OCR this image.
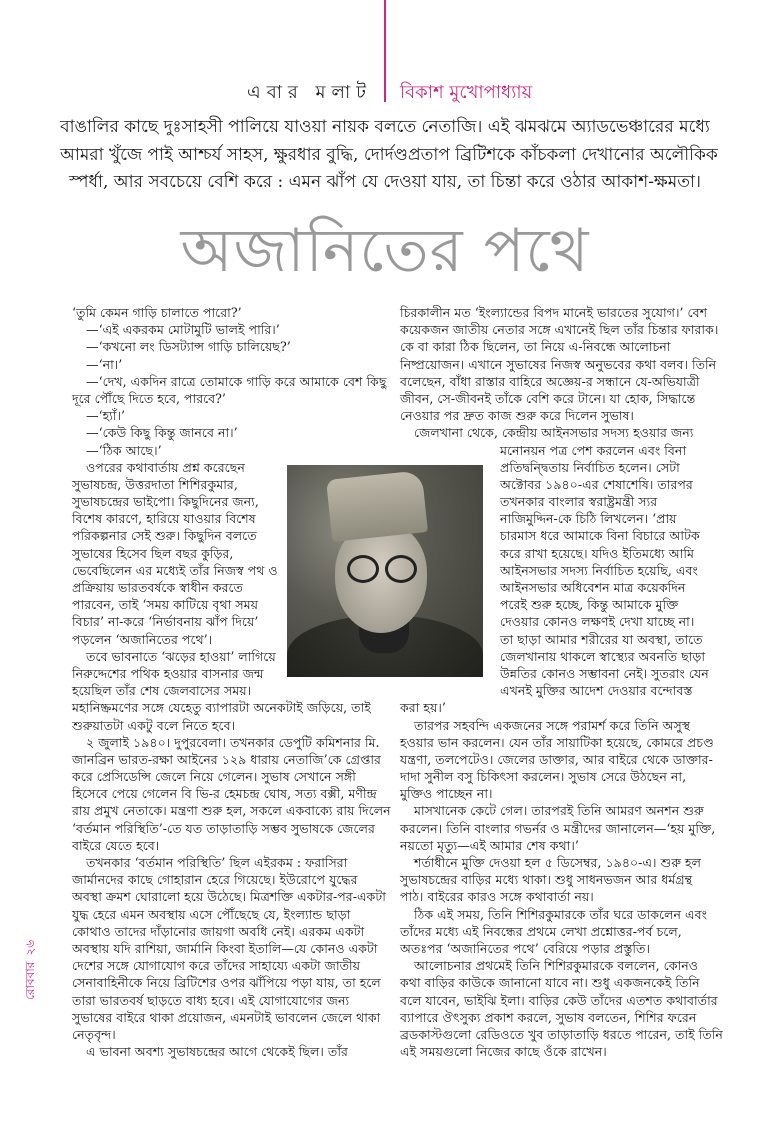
এবার মলাট বিকাশ মুখোপাধ্যায়
বাঙালির কাছে দুঃসাহসী পালিয়ে যাওয়া নায়ক বলতে নেতাজি। এই ঝমঝমে অ্যাডভেঞ্চারের মধ্যে
আমরা খুঁজে পাই আশ্চর্য সাহস, ক্ষুরধার বুদ্ধি, দোর্দণ্ডপ্রতাপ ব্রিটিশকে কাঁচকলা দেখানোর অলৌকিক
স্পর্ধা, আর সবচেয়ে বেশি করে : এমন ঝাঁপ যে দেওয়া যায়, তা চিন্তা করে ওঠার আকাশ-ক্ষমতা।
অজানিতের পথে
‘তুমি কেমন গাড়ি চালাতে পারো?’
—‘এই একরকম মোটামুটি ভালই পারি।’
—‘কখনো লং ডিসট্যান্স গাড়ি চালিয়েছ?’
—‘না।’
—‘দেখ, একদিন রাত্রে তোমাকে গাড়ি করে আমাকে বেশ কিছু
দূরে পৌঁছে দিতে হবে, পারবে?’
—‘হ্যাঁ।’
—‘কেউ কিছু কিন্তু জানবে না।’
—‘ঠিক আছে।’
ওপরের কথাবার্তায় প্রশ্ন করেছেন
সুভাষচন্দ্র, উত্তরদাতা শিশিরকুমার,
সুভাষচন্দ্রের ভাইপো। কিছুদিনের জন্য,
বিশেষ কারণে, হারিয়ে যাওয়ার বিশেষ
পরিকল্পনার সেই শুরু। কিছুদিন বলতে
সুভাষের হিসেব ছিল বছর কুড়ির,
ভেবেছিলেন এর মধ্যেই তাঁর নিজস্ব পথ ও
প্রক্রিয়ায় ভারতবর্ষকে স্বাধীন করতে
পারবেন, তাই ‘সময় কাটিয়ে বৃথা সময়
বিচার’ না-করে ‘নির্ভাবনায় ঝাঁপ দিয়ে’
পড়লেন ‘অজানিতের পথে’।
তবে ভাবনাতে ‘ঝড়ের হাওয়া’ লাগিয়ে
নিরুদ্দেশের পথিক হওয়ার বাসনার জন্ম
হয়েছিল তাঁর শেষ জেলবাসের সময়।
মহানিষ্ক্রমণের সঙ্গে যেহেতু ব্যাপারটা অনেকটাই জড়িয়ে, তাই
শুরুয়াতটা একটু বলে নিতে হবে।
২ জুলাই ১৯৪০। দুপুরবেলা। তখনকার ডেপুটি কমিশনার মি.
জানব্রিন ভারত-রক্ষা আইনের ১২৯ ধারায় নেতাজি’কে গ্রেপ্তার
করে প্রেসিডেন্সি জেলে নিয়ে গেলেন। সুভাষ সেখানে সঙ্গী
হিসেবে পেয়ে গেলেন বি ভি-র হেমচন্দ্র ঘোষ, সত্য বক্সী, মণীন্দ্র
রায় প্রমুখ নেতাকে। মন্ত্রণা শুরু হল, সকলে একবাক্যে রায় দিলেন
‘বর্তমান পরিস্থিতি’-তে যত তাড়াতাড়ি সম্ভব সুভাষকে জেলের
বাইরে যেতে হবে।
তখনকার ‘বর্তমান পরিস্থিতি’ ছিল এইরকম : ফরাসিরা
জার্মানদের কাছে গোহারান হেরে গিয়েছে। ইউরোপে যুদ্ধের
অবস্থা ক্রমশ ঘোরালো হয়ে উঠেছে। মিত্রশক্তি একটার-পর-একটা
যুদ্ধ হেরে এমন অবস্থায় এসে পৌঁছেছে যে, ইংল্যান্ড ছাড়া
কোথাও তাদের দাঁড়ানোর জায়গা অবধি নেই। এরকম একটা
অবস্থায় যদি রাশিয়া, জার্মানি কিংবা ইতালি—যে কোনও একটা
দেশের সঙ্গে যোগাযোগ করে তাঁদের সাহায্যে একটা জাতীয়
সেনাবাহিনীকে নিয়ে ব্রিটিশের ওপর ঝাঁপিয়ে পড়া যায়, তা হলে
তারা ভারতবর্ষ ছাড়তে বাধ্য হবে। এই যোগাযোগের জন্য
সুভাষের বাইরে থাকা প্রয়োজন, এমনটাই ভাবলেন জেলে থাকা
নেতৃবৃন্দ।
এ ভাবনা অবশ্য সুভাষচন্দ্রের আগে থেকেই ছিল। তাঁর
চিরকালীন মত ‘ইংল্যান্ডের বিপদ মানেই ভারতের সুযোগ।’ বেশ
কয়েকজন জাতীয় নেতার সঙ্গে এখানেই ছিল তাঁর চিন্তার ফারাক।
কে বা কারা ঠিক ছিলেন, তা নিয়ে এ-নিবন্ধে আলোচনা
নিষ্প্রয়োজন। এখানে সুভাষের নিজস্ব অনুভবের কথা বলব। তিনি
বলেছেন, বাঁধা রাস্তার বাহিরে অজ্ঞেয়-র সন্ধানে যে-অভিযাত্রী
জীবন, সে-জীবনই তাঁকে বেশি করে টানে। যা হোক, সিদ্ধান্তে
নেওয়ার পর দ্রুত কাজ শুরু করে দিলেন সুভাষ।
জেলখানা থেকে, কেন্দ্রীয় আইনসভার সদস্য হওয়ার জন্য
মনোনয়ন পত্র পেশ করলেন এবং বিনা
প্রতিদ্বন্দ্বিতায় নির্বাচিত হলেন। সেটা
অক্টোবর ১৯৪০-এর শেষাশেষি। তারপর
তখনকার বাংলার স্বরাষ্ট্রমন্ত্রী স্যর
নাজিমুদ্দিন-কে চিঠি লিখলেন। ‘প্রায়
চারমাস ধরে আমাকে বিনা বিচারে আটক
করে রাখা হয়েছে। যদিও ইতিমধ্যে আমি
আইনসভার সদস্য নির্বাচিত হয়েছি, এবং
আইনসভার অধিবেশন মাত্র কয়েকদিন
পরেই শুরু হচ্ছে, কিন্তু আমাকে মুক্তি
দেওয়ার কোনও লক্ষণই দেখা যাচ্ছে না।
তা ছাড়া আমার শরীরের যা অবস্থা, তাতে
জেলখানায় থাকলে স্বাস্থ্যের অবনতি ছাড়া
উন্নতির কোনও সম্ভাবনা নেই। সুতরাং যেন
এখনই মুক্তির আদেশ দেওয়ার বন্দোবস্ত
করা হয়।’
তারপর সহবন্দি একজনের সঙ্গে পরামর্শ করে তিনি অসুস্থ
হওয়ার ভান করলেন। যেন তাঁর সায়াটিকা হয়েছে, কোমরে প্রচণ্ড
যন্ত্রণা, তলপেটেও। জেলের ডাক্তার, আর বাইরে থেকে ডাক্তার-
দাদা সুনীল বসু চিকিৎসা করলেন। সুভাষ সেরে উঠছেন না,
মুক্তিও পাচ্ছেন না।
মাসখানেক কেটে গেল। তারপরই তিনি আমরণ অনশন শুরু
করলেন। তিনি বাংলার গভর্নর ও মন্ত্রীদের জানালেন—‘হয় মুক্তি,
নয়তো মৃত্যু—এই আমার শেষ কথা।’
শর্তাধীনে মুক্তি দেওয়া হল ৫ ডিসেম্বর, ১৯৪০-এ। শুরু হল
সুভাষচন্দ্রের বাড়ির মধ্যে থাকা। শুধু সাধনভজন আর ধর্মগ্রন্থ
পাঠ। বাইরের কারও সঙ্গে কথাবার্তা নয়।
ঠিক এই সময়, তিনি শিশিরকুমারকে তাঁর ঘরে ডাকলেন এবং
তাঁদের মধ্যে এই নিবন্ধের প্রথমে লেখা প্রশ্নোত্তর-পর্ব চলে,
অতঃপর ‘অজানিতের পথে’ বেরিয়ে পড়ার প্রস্তুতি।
আলোচনার প্রথমেই তিনি শিশিরকুমারকে বললেন, কোনও
কথা বাড়ির কাউকে জানানো যাবে না। শুধু একজনকেই তিনি
বলে যাবেন, ভাইঝি ইলা। বাড়ির কেউ তাঁদের এতশত কথাবার্তার
ব্যাপারে ঔৎসুক্য প্রকাশ করলে, সুভাষ বলতেন, শিশির ফরেন
ব্রডকাস্টগুলো রেডিওতে খুব তাড়াতাড়ি ধরতে পারেন, তাই তিনি
এই সময়গুলো নিজের কাছে ওঁকে রাখেন।
রোববার২৬
